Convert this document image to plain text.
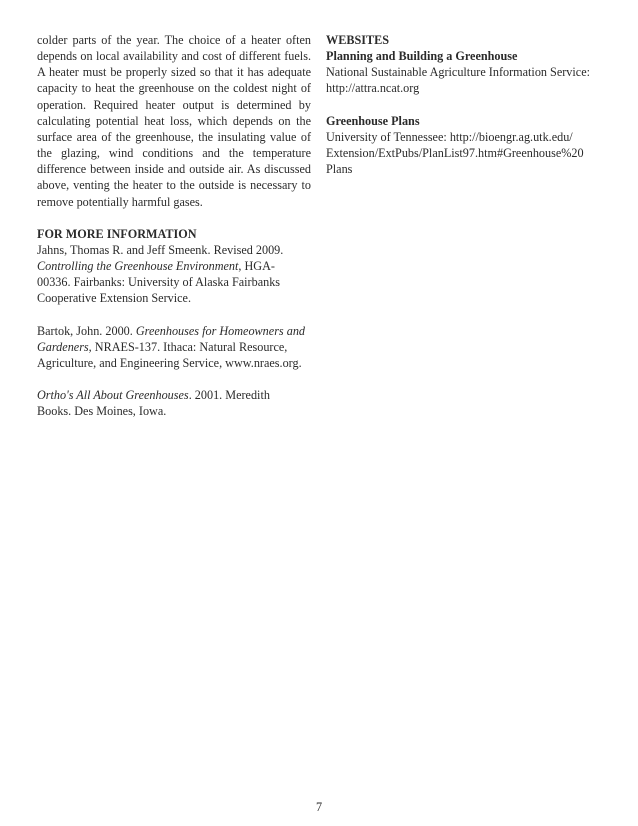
colder parts of the year. The choice of a heater often depends on local availability and cost of different fuels. A heater must be properly sized so that it has adequate capacity to heat the greenhouse on the coldest night of operation. Required heater output is determined by calculating potential heat loss, which depends on the surface area of the greenhouse, the insulating value of the glazing, wind conditions and the temperature difference between inside and outside air. As discussed above, venting the heater to the outside is necessary to remove potentially harmful gases.

FOR MORE INFORMATION

Jahns, Thomas R. and Jeff Smeenk. Revised 2009. Controlling the Greenhouse Environment, HGA-00336. Fairbanks: University of Alaska Fairbanks Cooperative Extension Service.

Bartok, John. 2000. Greenhouses for Homeowners and Gardeners, NRAES-137. Ithaca: Natural Resource, Agriculture, and Engineering Service, www.nraes.org.

Ortho's All About Greenhouses. 2001. Meredith Books. Des Moines, Iowa.

WEBSITES

Planning and Building a Greenhouse

National Sustainable Agriculture Information Service:

http://attra.ncat.org

Greenhouse Plans

University of Tennessee: http://bioengr.ag.utk.edu/

Extension/ExtPubs/PlanList97.htm#Greenhouse%20

Plans

7
